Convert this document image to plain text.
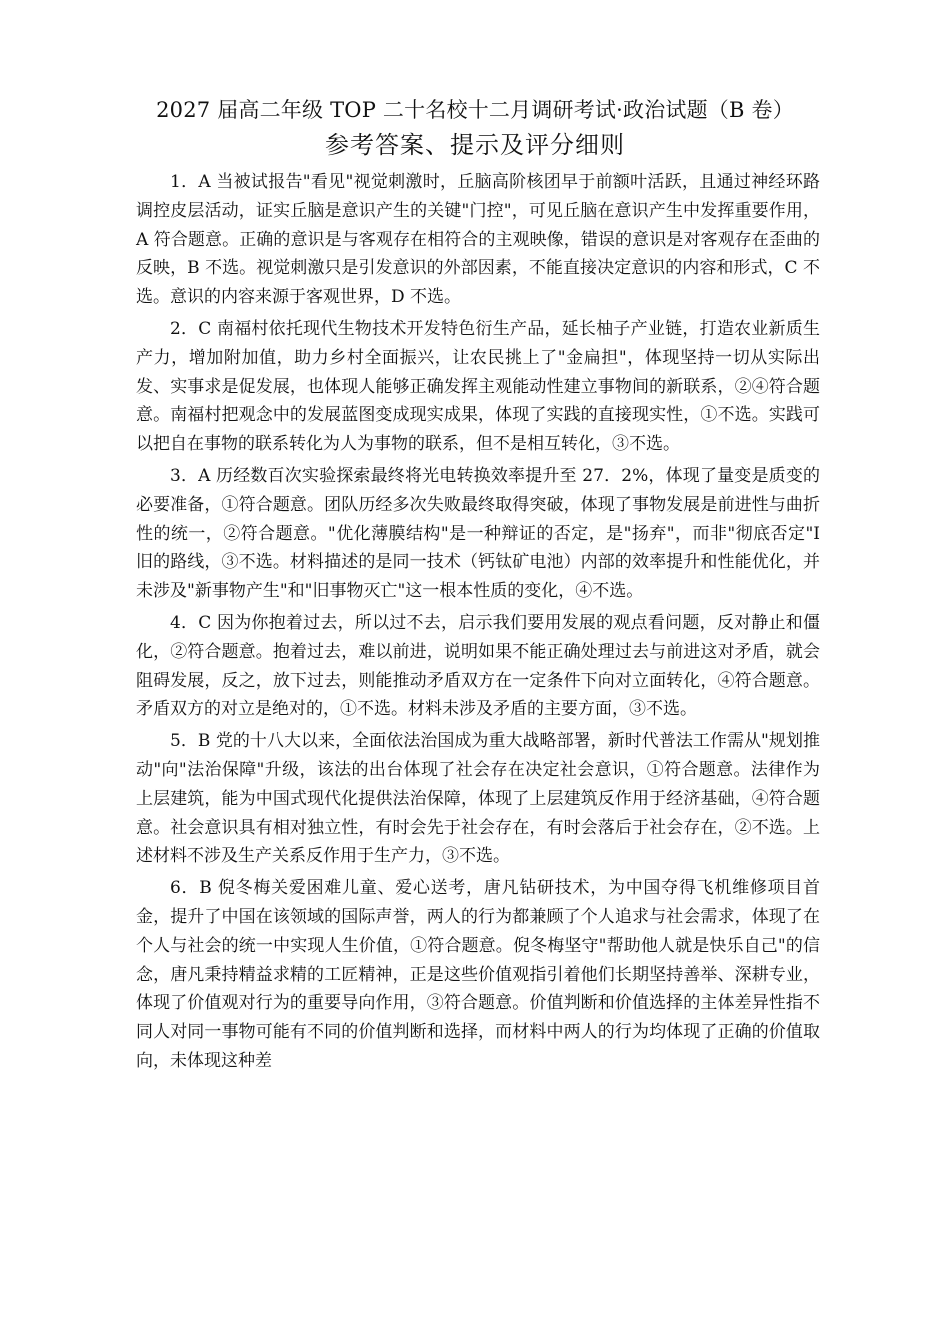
2027 届高二年级 TOP 二十名校十二月调研考试·政治试题（B 卷）
参考答案、提示及评分细则

1．A 当被试报告"看见"视觉刺激时，丘脑高阶核团早于前额叶活跃，且通过神经环路调控皮层活动，证实丘脑是意识产生的关键"门控"，可见丘脑在意识产生中发挥重要作用，A 符合题意。正确的意识是与客观存在相符合的主观映像，错误的意识是对客观存在歪曲的反映，B 不选。视觉刺激只是引发意识的外部因素，不能直接决定意识的内容和形式，C 不选。意识的内容来源于客观世界，D 不选。

2．C 南福村依托现代生物技术开发特色衍生产品，延长柚子产业链，打造农业新质生产力，增加附加值，助力乡村全面振兴，让农民挑上了"金扁担"，体现坚持一切从实际出发、实事求是促发展，也体现人能够正确发挥主观能动性建立事物间的新联系，②④符合题意。南福村把观念中的发展蓝图变成现实成果，体现了实践的直接现实性，①不选。实践可以把自在事物的联系转化为人为事物的联系，但不是相互转化，③不选。

3．A 历经数百次实验探索最终将光电转换效率提升至 27．2%，体现了量变是质变的必要准备，①符合题意。团队历经多次失败最终取得突破，体现了事物发展是前进性与曲折性的统一，②符合题意。"优化薄膜结构"是一种辩证的否定，是"扬弃"，而非"彻底否定"I 旧的路线，③不选。材料描述的是同一技术（钙钛矿电池）内部的效率提升和性能优化，并未涉及"新事物产生"和"旧事物灭亡"这一根本性质的变化，④不选。

4．C 因为你抱着过去，所以过不去，启示我们要用发展的观点看问题，反对静止和僵化，②符合题意。抱着过去，难以前进，说明如果不能正确处理过去与前进这对矛盾，就会阻碍发展，反之，放下过去，则能推动矛盾双方在一定条件下向对立面转化，④符合题意。矛盾双方的对立是绝对的，①不选。材料未涉及矛盾的主要方面，③不选。

5．B 党的十八大以来，全面依法治国成为重大战略部署，新时代普法工作需从"规划推动"向"法治保障"升级，该法的出台体现了社会存在决定社会意识，①符合题意。法律作为上层建筑，能为中国式现代化提供法治保障，体现了上层建筑反作用于经济基础，④符合题意。社会意识具有相对独立性，有时会先于社会存在，有时会落后于社会存在，②不选。上述材料不涉及生产关系反作用于生产力，③不选。

6．B 倪冬梅关爱困难儿童、爱心送考，唐凡钻研技术，为中国夺得飞机维修项目首金，提升了中国在该领域的国际声誉，两人的行为都兼顾了个人追求与社会需求，体现了在个人与社会的统一中实现人生价值，①符合题意。倪冬梅坚守"帮助他人就是快乐自己"的信念，唐凡秉持精益求精的工匠精神，正是这些价值观指引着他们长期坚持善举、深耕专业，体现了价值观对行为的重要导向作用，③符合题意。价值判断和价值选择的主体差异性指不同人对同一事物可能有不同的价值判断和选择，而材料中两人的行为均体现了正确的价值取向，未体现这种差
